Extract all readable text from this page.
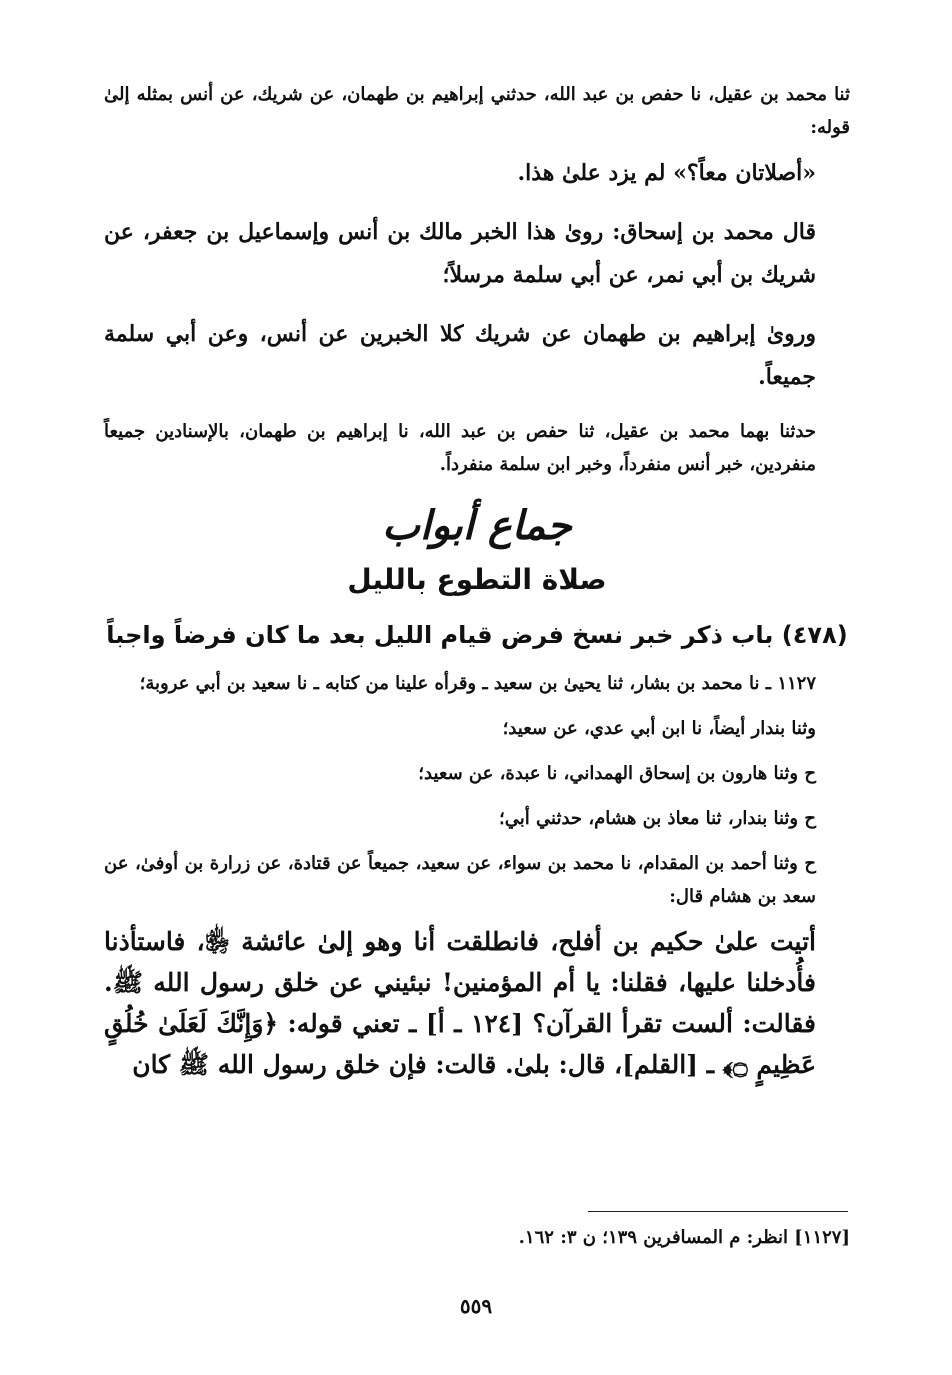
ثنا محمد بن عقيل، نا حفص بن عبد الله، حدثني إبراهيم بن طهمان، عن شريك، عن أنس بمثله إلىٰ قوله:

«أصلاتان معاً؟» لم يزد علىٰ هذا.

قال محمد بن إسحاق: روىٰ هذا الخبر مالك بن أنس وإسماعيل بن جعفر، عن شريك بن أبي نمر، عن أبي سلمة مرسلاً؛

وروىٰ إبراهيم بن طهمان عن شريك كلا الخبرين عن أنس، وعن أبي سلمة جميعاً.

حدثنا بهما محمد بن عقيل، ثنا حفص بن عبد الله، نا إبراهيم بن طهمان، بالإسنادين جميعاً منفردين، خبر أنس منفرداً، وخبر ابن سلمة منفرداً.

جماع أبواب
صلاة التطوع بالليل
(٤٧٨) باب ذكر خبر نسخ فرض قيام الليل بعد ما كان فرضاً واجباً

١١٢٧ ـ نا محمد بن بشار، ثنا يحيىٰ بن سعيد ـ وقرأه علينا من كتابه ـ نا سعيد بن أبي عروبة؛

وثنا بندار أيضاً، نا ابن أبي عدي، عن سعيد؛

ح وثنا هارون بن إسحاق الهمداني، نا عبدة، عن سعيد؛

ح وثنا بندار، ثنا معاذ بن هشام، حدثني أبي؛

ح وثنا أحمد بن المقدام، نا محمد بن سواء، عن سعيد، جميعاً عن قتادة، عن زرارة بن أوفىٰ، عن سعد بن هشام قال:

أتيت علىٰ حكيم بن أفلح، فانطلقت أنا وهو إلىٰ عائشة ﵂، فاستأذنا فأُدخلنا عليها، فقلنا: يا أم المؤمنين! نبئيني عن خلق رسول الله ﷺ. فقالت: ألست تقرأ القرآن؟ [١٢٤ ـ أ] ـ تعني قوله: ﴿وَإِنَّكَ لَعَلَىٰ خُلُقٍ عَظِيمٍ ۝﴾ ـ [القلم]، قال: بلىٰ. قالت: فإن خلق رسول الله ﷺ كان

[١١٢٧] انظر: م المسافرين ١٣٩؛ ن ٣: ١٦٢.
٥٥٩
